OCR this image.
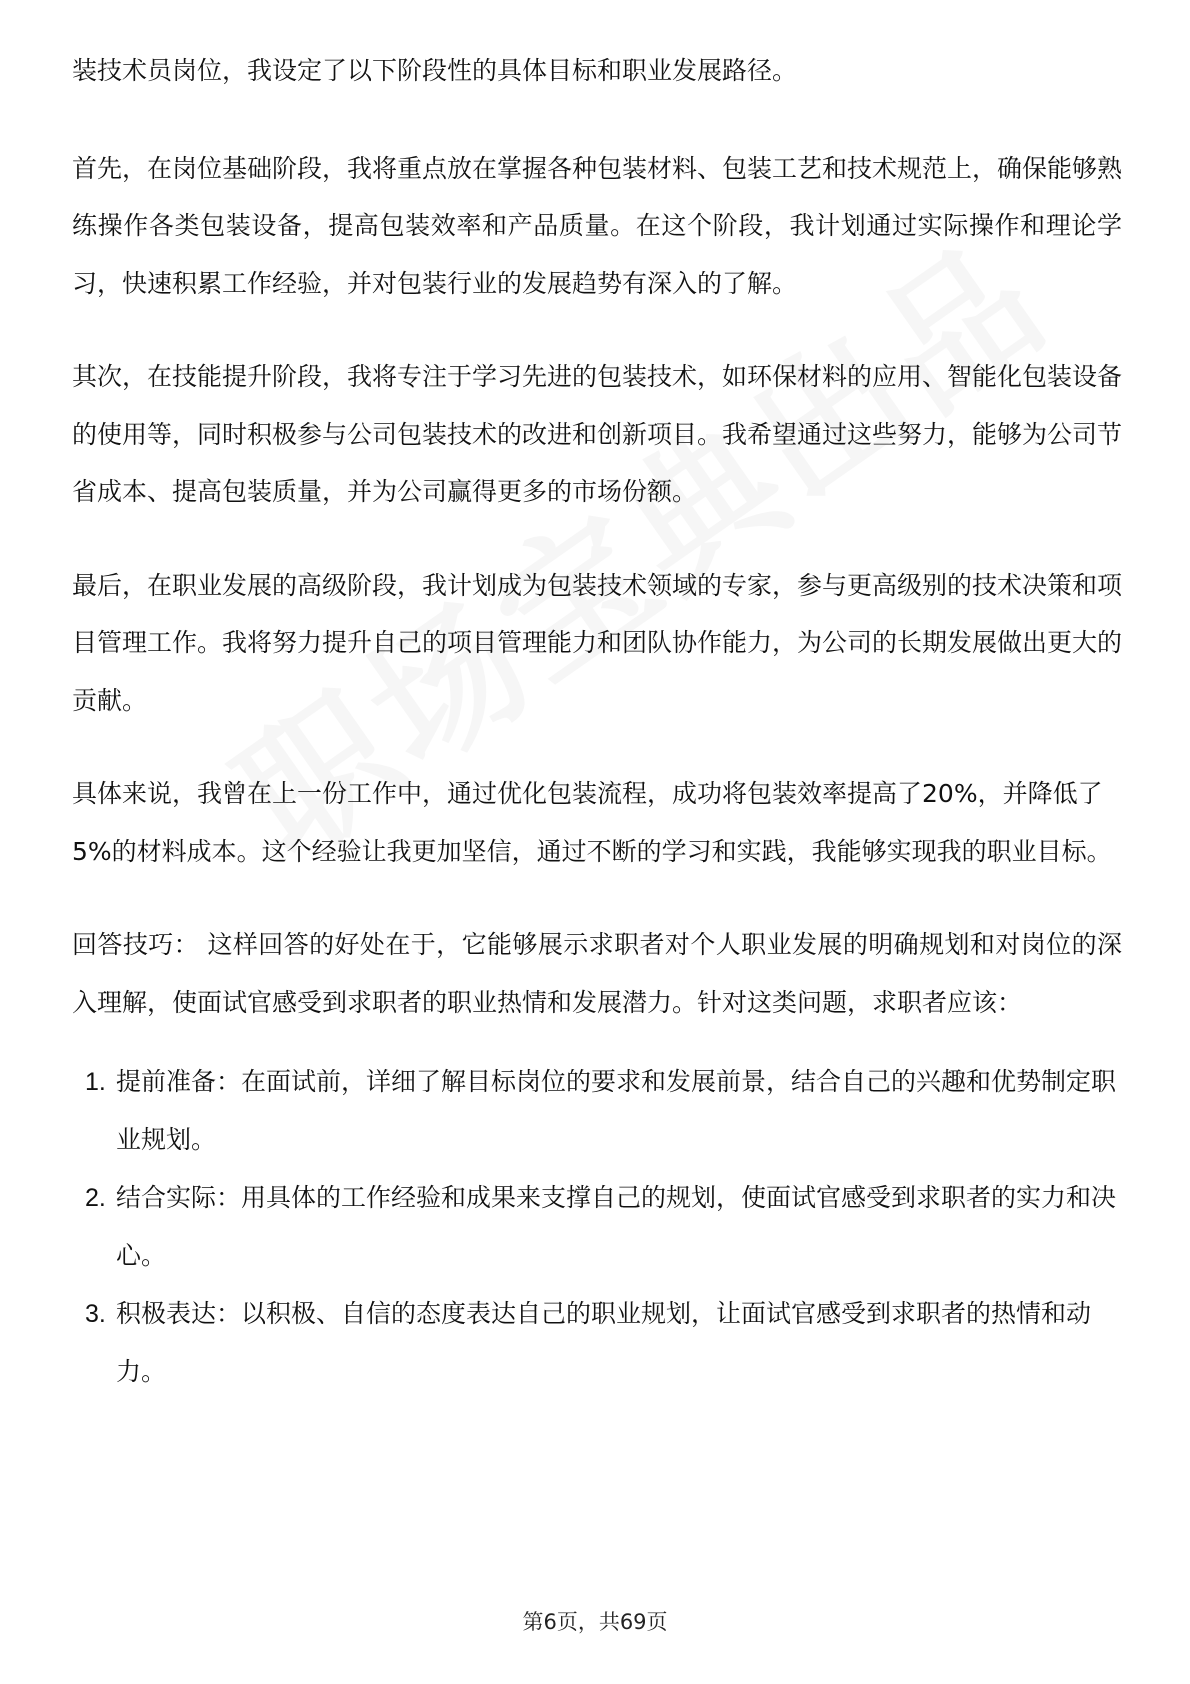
装技术员岗位，我设定了以下阶段性的具体目标和职业发展路径。

首先，在岗位基础阶段，我将重点放在掌握各种包装材料、包装工艺和技术规范上，确保能够熟练操作各类包装设备，提高包装效率和产品质量。在这个阶段，我计划通过实际操作和理论学习，快速积累工作经验，并对包装行业的发展趋势有深入的了解。

其次，在技能提升阶段，我将专注于学习先进的包装技术，如环保材料的应用、智能化包装设备的使用等，同时积极参与公司包装技术的改进和创新项目。我希望通过这些努力，能够为公司节省成本、提高包装质量，并为公司赢得更多的市场份额。

最后，在职业发展的高级阶段，我计划成为包装技术领域的专家，参与更高级别的技术决策和项目管理工作。我将努力提升自己的项目管理能力和团队协作能力，为公司的长期发展做出更大的贡献。

具体来说，我曾在上一份工作中，通过优化包装流程，成功将包装效率提高了20%，并降低了5%的材料成本。这个经验让我更加坚信，通过不断的学习和实践，我能够实现我的职业目标。

回答技巧： 这样回答的好处在于，它能够展示求职者对个人职业发展的明确规划和对岗位的深入理解，使面试官感受到求职者的职业热情和发展潜力。针对这类问题，求职者应该：

1. 提前准备：在面试前，详细了解目标岗位的要求和发展前景，结合自己的兴趣和优势制定职业规划。
2. 结合实际：用具体的工作经验和成果来支撑自己的规划，使面试官感受到求职者的实力和决心。
3. 积极表达：以积极、自信的态度表达自己的职业规划，让面试官感受到求职者的热情和动力。
第6页，共69页
